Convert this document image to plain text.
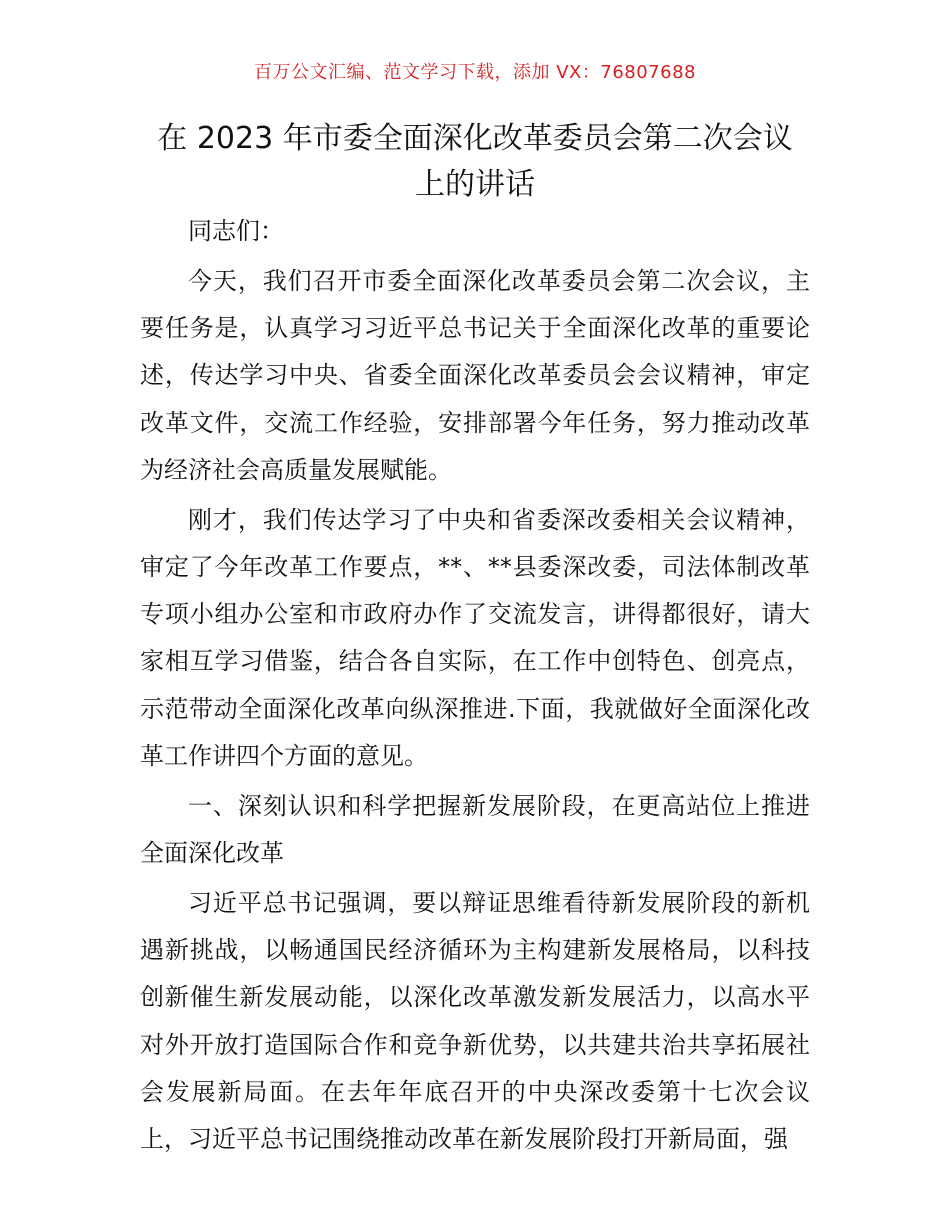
百万公文汇编、范文学习下载，添加 VX：76807688
在 2023 年市委全面深化改革委员会第二次会议
上的讲话

同志们：

今天，我们召开市委全面深化改革委员会第二次会议，主要任务是，认真学习习近平总书记关于全面深化改革的重要论述，传达学习中央、省委全面深化改革委员会会议精神，审定改革文件，交流工作经验，安排部署今年任务，努力推动改革为经济社会高质量发展赋能。

刚才，我们传达学习了中央和省委深改委相关会议精神，审定了今年改革工作要点，**、**县委深改委，司法体制改革专项小组办公室和市政府办作了交流发言，讲得都很好，请大家相互学习借鉴，结合各自实际，在工作中创特色、创亮点，示范带动全面深化改革向纵深推进.下面，我就做好全面深化改革工作讲四个方面的意见。

一、深刻认识和科学把握新发展阶段，在更高站位上推进全面深化改革

习近平总书记强调，要以辩证思维看待新发展阶段的新机遇新挑战，以畅通国民经济循环为主构建新发展格局，以科技创新催生新发展动能，以深化改革激发新发展活力，以高水平对外开放打造国际合作和竞争新优势，以共建共治共享拓展社会发展新局面。在去年年底召开的中央深改委第十七次会议上，习近平总书记围绕推动改革在新发展阶段打开新局面，强
